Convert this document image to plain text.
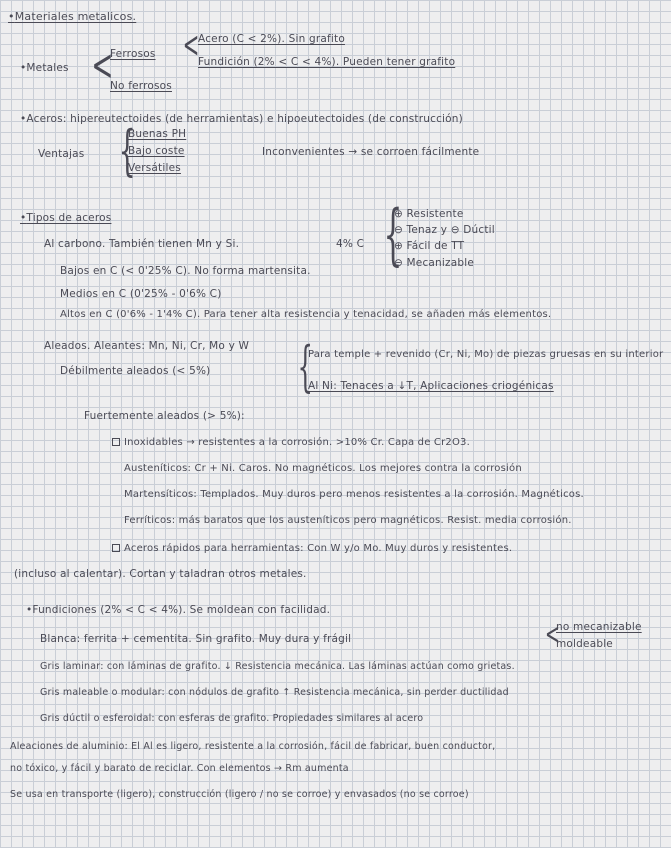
• Materiales metalicos.
• Metales <
Ferrosos
No ferrosos
<
Acero (C < 2%). Sin grafito
Fundición (2% < C < 4%). Pueden tener grafito
• Aceros: hipereutectoides (de herramientas) e hipoeutectoides (de construcción)
Ventajas {
Buenas PH
Bajo coste
Versátiles
Inconvenientes → se corroen fácilmente
• Tipos de aceros
Al carbono. También tienen Mn y Si.	4% C {
⊕ Resistente
⊖ Tenaz y ⊖ Dúctil
⊕ Fácil de TT
⊖ Mecanizable
Bajos en C (< 0'25% C). No forma martensita.
Medios en C (0'25% - 0'6% C)
Altos en C (0'6% - 1'4% C). Para tener alta resistencia y tenacidad, se añaden más elementos.
Aleados. Aleantes: Mn, Ni, Cr, Mo y W
Débilmente aleados (< 5%) {
Para temple + revenido (Cr, Ni, Mo) de piezas gruesas en su interior
Al Ni: Tenaces a ↓T, Aplicaciones criogénicas
Fuertemente aleados (> 5%):
Inoxidables → resistentes a la corrosión. >10% Cr. Capa de Cr2O3.
Austeníticos: Cr + Ni. Caros. No magnéticos. Los mejores contra la corrosión
Martensíticos: Templados. Muy duros pero menos resistentes a la corrosión. Magnéticos.
Ferríticos: más baratos que los austeníticos pero magnéticos. Resist. media corrosión.
Aceros rápidos para herramientas: Con W y/o Mo. Muy duros y resistentes.
(incluso al calentar). Cortan y taladran otros metales.
• Fundiciones (2% < C < 4%). Se moldean con facilidad.
Blanca: ferrita + cementita. Sin grafito. Muy dura y frágil	<
no mecanizable
moldeable
Gris laminar: con láminas de grafito. ↓ Resistencia mecánica. Las láminas actúan como grietas.
Gris maleable o modular: con nódulos de grafito ↑ Resistencia mecánica, sin perder ductilidad
Gris dúctil o esferoidal: con esferas de grafito. Propiedades similares al acero
Aleaciones de aluminio: El Al es ligero, resistente a la corrosión, fácil de fabricar, buen conductor,
no tóxico, y fácil y barato de reciclar. Con elementos → Rm aumenta
Se usa en transporte (ligero), construcción (ligero / no se corroe) y envasados (no se corroe)
